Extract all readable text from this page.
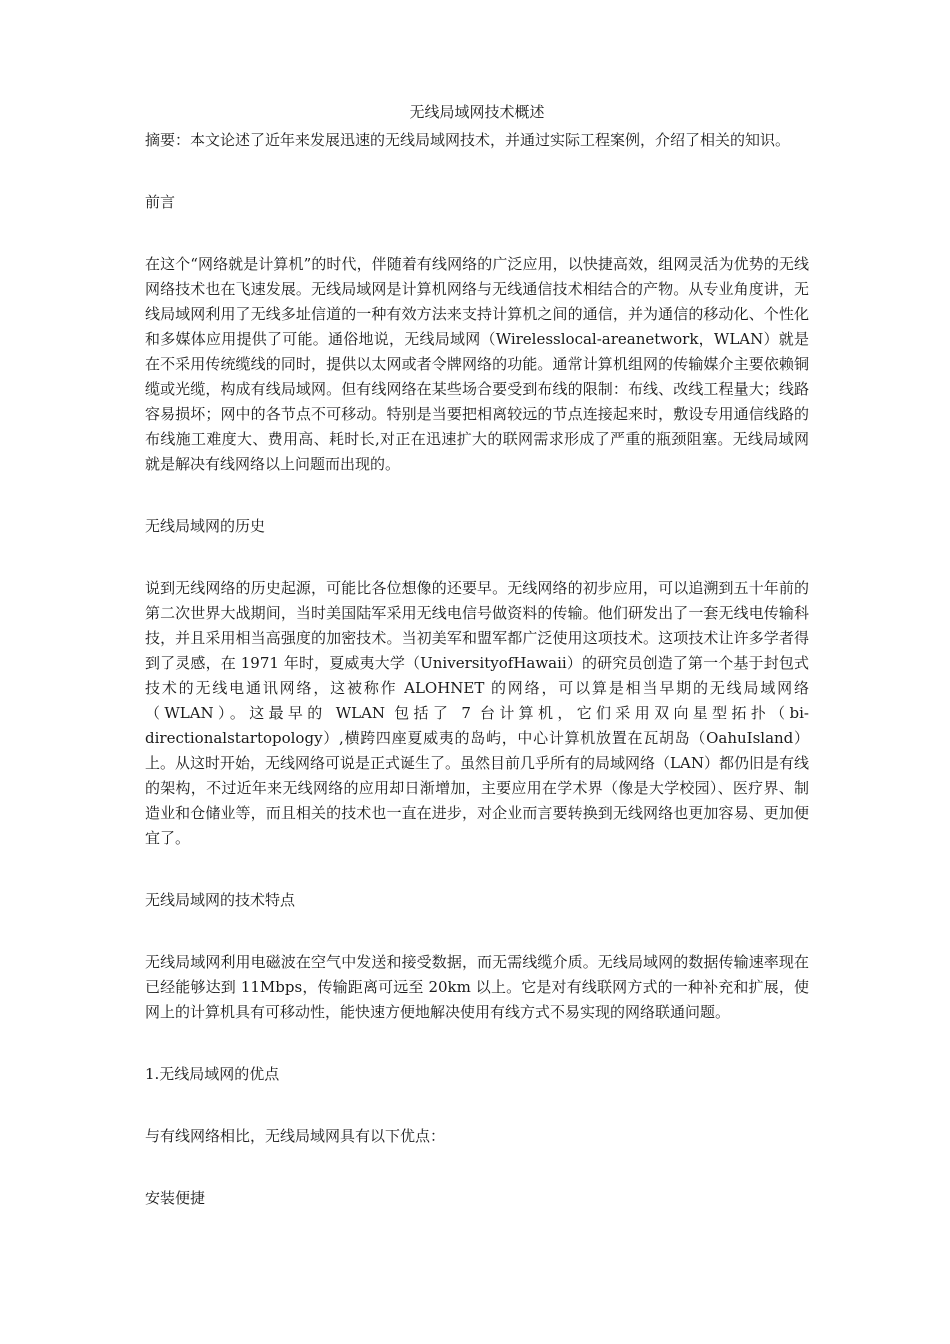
无线局域网技术概述

摘要：本文论述了近年来发展迅速的无线局域网技术，并通过实际工程案例，介绍了相关的知识。

前言

在这个“网络就是计算机”的时代，伴随着有线网络的广泛应用，以快捷高效，组网灵活为优势的无线网络技术也在飞速发展。无线局域网是计算机网络与无线通信技术相结合的产物。从专业角度讲，无线局域网利用了无线多址信道的一种有效方法来支持计算机之间的通信，并为通信的移动化、个性化和多媒体应用提供了可能。通俗地说，无线局域网（Wirelesslocal-areanetwork，WLAN）就是在不采用传统缆线的同时，提供以太网或者令牌网络的功能。通常计算机组网的传输媒介主要依赖铜缆或光缆，构成有线局域网。但有线网络在某些场合要受到布线的限制：布线、改线工程量大；线路容易损坏；网中的各节点不可移动。特别是当要把相离较远的节点连接起来时，敷设专用通信线路的布线施工难度大、费用高、耗时长,对正在迅速扩大的联网需求形成了严重的瓶颈阻塞。无线局域网就是解决有线网络以上问题而出现的。

无线局域网的历史

说到无线网络的历史起源，可能比各位想像的还要早。无线网络的初步应用，可以追溯到五十年前的第二次世界大战期间，当时美国陆军采用无线电信号做资料的传输。他们研发出了一套无线电传输科技，并且采用相当高强度的加密技术。当初美军和盟军都广泛使用这项技术。这项技术让许多学者得到了灵感，在 1971 年时，夏威夷大学（UniversityofHawaii）的研究员创造了第一个基于封包式技术的无线电通讯网络，这被称作 ALOHNET 的网络，可以算是相当早期的无线局域网络（WLAN）。这最早的 WLAN 包括了 7 台计算机，它们采用双向星型拓扑（bi-directionalstartopology）,横跨四座夏威夷的岛屿，中心计算机放置在瓦胡岛（OahuIsland）上。从这时开始，无线网络可说是正式诞生了。虽然目前几乎所有的局域网络（LAN）都仍旧是有线的架构，不过近年来无线网络的应用却日渐增加，主要应用在学术界（像是大学校园）、医疗界、制造业和仓储业等，而且相关的技术也一直在进步，对企业而言要转换到无线网络也更加容易、更加便宜了。

无线局域网的技术特点

无线局域网利用电磁波在空气中发送和接受数据，而无需线缆介质。无线局域网的数据传输速率现在已经能够达到 11Mbps，传输距离可远至 20km 以上。它是对有线联网方式的一种补充和扩展，使网上的计算机具有可移动性，能快速方便地解决使用有线方式不易实现的网络联通问题。

1.无线局域网的优点

与有线网络相比，无线局域网具有以下优点：

安装便捷
